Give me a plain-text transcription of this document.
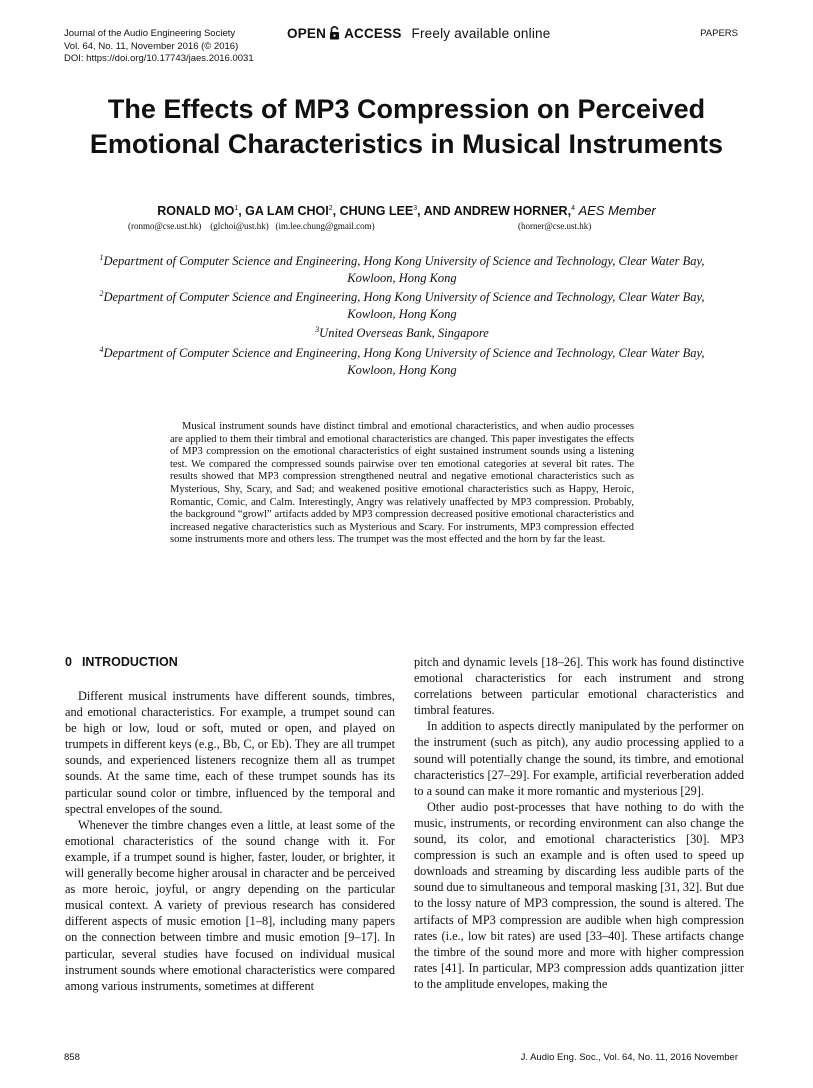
Journal of the Audio Engineering Society
Vol. 64, No. 11, November 2016 (© 2016)
DOI: https://doi.org/10.17743/jaes.2016.0031
OPEN ACCESS Freely available online	PAPERS
The Effects of MP3 Compression on Perceived
Emotional Characteristics in Musical Instruments
RONALD $MO^1$, GA LAM CHOI$^2$, CHUNG LEE$^3$, AND ANDREW HORNER,$^4$ AES Member
(ronmo@cse.ust.hk)    (glchoi@ust.hk)   (im.lee.chung@gmail.com)	(horner@cse.ust.hk)
$^1$Department of Computer Science and Engineering, Hong Kong University of Science and Technology, Clear Water Bay,
Kowloon, Hong Kong
$^2$Department of Computer Science and Engineering, Hong Kong University of Science and Technology, Clear Water Bay,
Kowloon, Hong Kong
$^3$United Overseas Bank, Singapore
$^4$Department of Computer Science and Engineering, Hong Kong University of Science and Technology, Clear Water Bay,
Kowloon, Hong Kong
Musical instrument sounds have distinct timbral and emotional characteristics, and when audio processes are applied to them their timbral and emotional characteristics are changed. This paper investigates the effects of MP3 compression on the emotional characteristics of eight sustained instrument sounds using a listening test. We compared the compressed sounds pairwise over ten emotional categories at several bit rates. The results showed that MP3 compression strengthened neutral and negative emotional characteristics such as Mysterious, Shy, Scary, and Sad; and weakened positive emotional characteristics such as Happy, Heroic, Romantic, Comic, and Calm. Interestingly, Angry was relatively unaffected by MP3 compression. Probably, the background “growl” artifacts added by MP3 compression decreased positive emotional characteristics and increased negative characteristics such as Mysterious and Scary. For instruments, MP3 compression effected some instruments more and others less. The trumpet was the most effected and the horn by far the least.
0 INTRODUCTION

Different musical instruments have different sounds, timbres, and emotional characteristics. For example, a trumpet sound can be high or low, loud or soft, muted or open, and played on trumpets in different keys (e.g., Bb, C, or Eb). They are all trumpet sounds, and experienced listeners recognize them all as trumpet sounds. At the same time, each of these trumpet sounds has its particular sound color or timbre, influenced by the temporal and spectral envelopes of the sound.

Whenever the timbre changes even a little, at least some of the emotional characteristics of the sound change with it. For example, if a trumpet sound is higher, faster, louder, or brighter, it will generally become higher arousal in character and be perceived as more heroic, joyful, or angry depending on the particular musical context. A variety of previous research has considered different aspects of music emotion [1–8], including many papers on the connection between timbre and music emotion [9–17]. In particular, several studies have focused on individual musical instrument sounds where emotional characteristics were compared among various instruments, sometimes at different

pitch and dynamic levels [18–26]. This work has found distinctive emotional characteristics for each instrument and strong correlations between particular emotional characteristics and timbral features.

In addition to aspects directly manipulated by the performer on the instrument (such as pitch), any audio processing applied to a sound will potentially change the sound, its timbre, and emotional characteristics [27–29]. For example, artificial reverberation added to a sound can make it more romantic and mysterious [29].

Other audio post-processes that have nothing to do with the music, instruments, or recording environment can also change the sound, its color, and emotional characteristics [30]. MP3 compression is such an example and is often used to speed up downloads and streaming by discarding less audible parts of the sound due to simultaneous and temporal masking [31, 32]. But due to the lossy nature of MP3 compression, the sound is altered. The artifacts of MP3 compression are audible when high compression rates (i.e., low bit rates) are used [33–40]. These artifacts change the timbre of the sound more and more with higher compression rates [41]. In particular, MP3 compression adds quantization jitter to the amplitude envelopes, making the

858	J. Audio Eng. Soc., Vol. 64, No. 11, 2016 November
